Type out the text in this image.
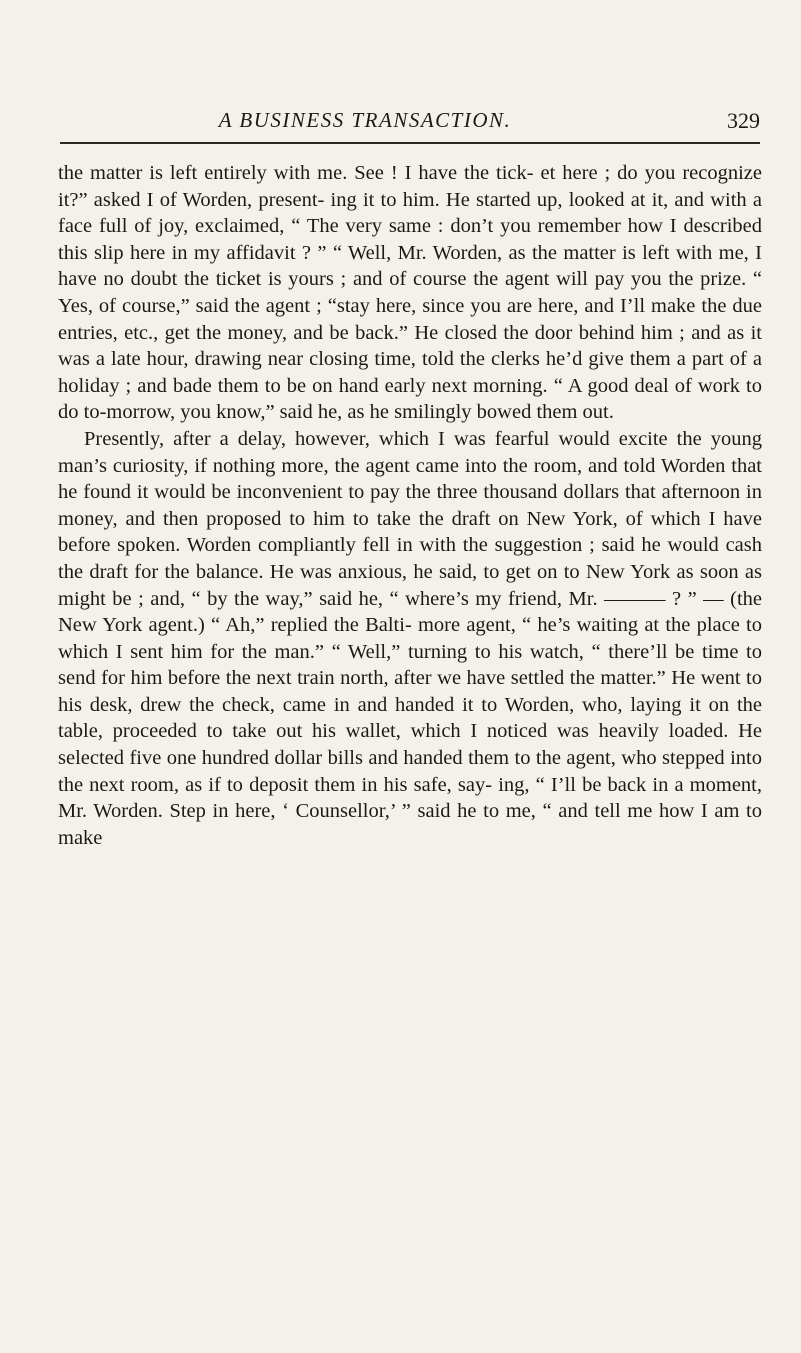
A BUSINESS TRANSACTION.	329

the matter is left entirely with me. See ! I have the tick- et here ; do you recognize it?” asked I of Worden, present- ing it to him. He started up, looked at it, and with a face full of joy, exclaimed, “ The very same : don’t you remember how I described this slip here in my affidavit ? ” “ Well, Mr. Worden, as the matter is left with me, I have no doubt the ticket is yours ; and of course the agent will pay you the prize. “ Yes, of course,” said the agent ; “stay here, since you are here, and I’ll make the due entries, etc., get the money, and be back.” He closed the door behind him ; and as it was a late hour, drawing near closing time, told the clerks he’d give them a part of a holiday ; and bade them to be on hand early next morning. “ A good deal of work to do to-morrow, you know,” said he, as he smilingly bowed them out.

Presently, after a delay, however, which I was fearful would excite the young man’s curiosity, if nothing more, the agent came into the room, and told Worden that he found it would be inconvenient to pay the three thousand dollars that afternoon in money, and then proposed to him to take the draft on New York, of which I have before spoken. Worden compliantly fell in with the suggestion ; said he would cash the draft for the balance. He was anxious, he said, to get on to New York as soon as might be ; and, “ by the way,” said he, “ where’s my friend, Mr. ——— ? ” — (the New York agent.) “ Ah,” replied the Balti- more agent, “ he’s waiting at the place to which I sent him for the man.” “ Well,” turning to his watch, “ there’ll be time to send for him before the next train north, after we have settled the matter.” He went to his desk, drew the check, came in and handed it to Worden, who, laying it on the table, proceeded to take out his wallet, which I noticed was heavily loaded. He selected five one hundred dollar bills and handed them to the agent, who stepped into the next room, as if to deposit them in his safe, say- ing, “ I’ll be back in a moment, Mr. Worden. Step in here, ‘ Counsellor,’ ” said he to me, “ and tell me how I am to make
